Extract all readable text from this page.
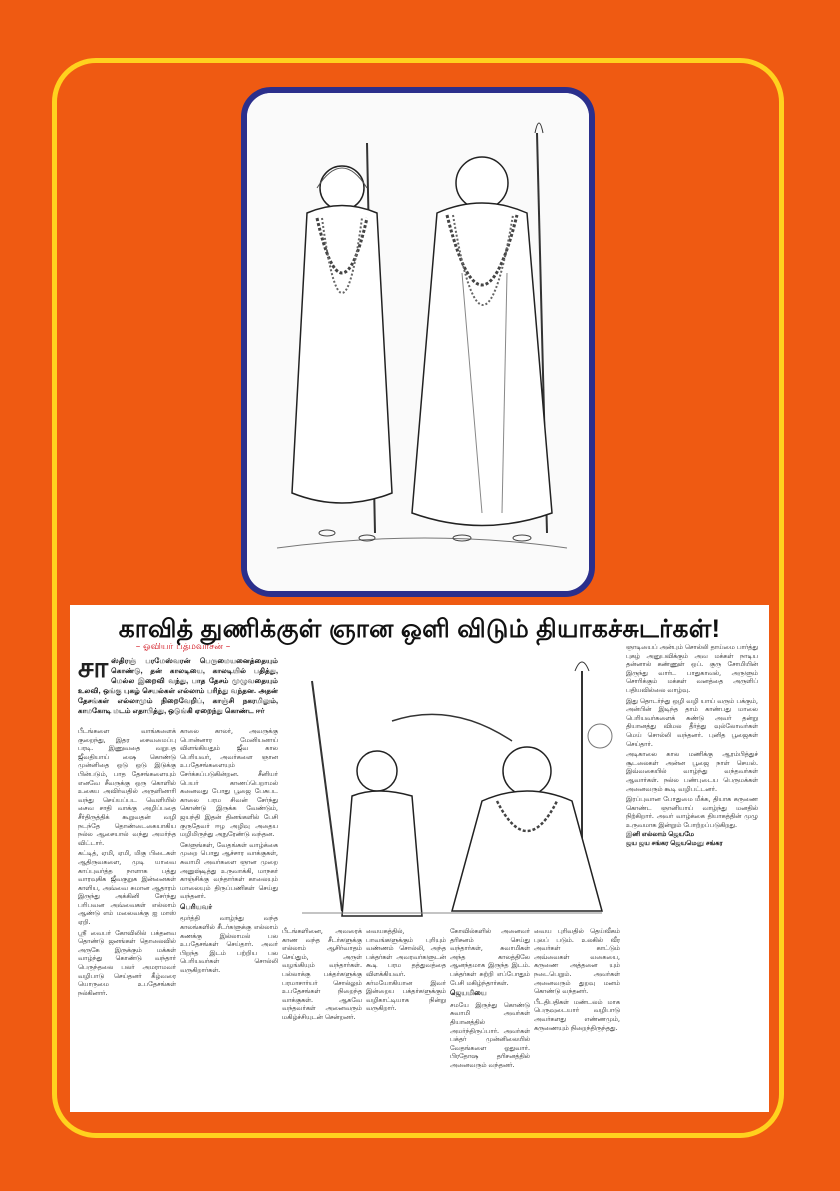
காவித் துணிக்குள் ஞான ஒளி விடும் தியாகச்சுடர்கள்!
– ஓவியர் பத்மவாசன் –
சா ஸ்திரஞ் பரமேஸ்வரன் பெருமையனைத்தையும் கொண்டு, தன் காலடியை, காலடியில் பதித்து, மெல்ல இறைவி வந்து, பாத தேசம் முழுவதையும் உலவி, ஒங்கு புகழ் செயல்கள் எல்லாம் பரிந்து வந்தன. அதன் தேசங்கள் எல்லாமும் நிறைவேறிப், காஞ்சி நகரமிலும், காமகோடி மடம் எதாபித்து, ஒடுங்கி ஏறைந்து கொண்ட ஈர்

பீடங்களை வாங்களைக் குறைந்து, இதர சைவமைப்பு பரடி. இணுவதை வறுபத ஜீவதியாய் ஷை கொண்டு முன்னிதை ஒடு ஒடு இடுக்கு பின்படும், பாத தேசங்களையும் எனவே சீவருக்கு ஒரு கொளில் உகைய அவிர்வதில் அருளினாரி வந்து செய்யப்பட வெளியில் சைவ சாதி வாக்கு அழிப்பதை சீர்திருத்திக் கூறுவதன் வழி நடந்தே தொண்டைகையாகிய நல்ல ஆசையால் வந்து அமர்ந்த விட்டார்.

கட்டித், ஏமி, ஏமி, மிகு பிடைகள் ஆதிருவகளை, முடி யாவை காப்புவர்த்த நாளாக பத்து வாரவுகிக ஜீவகுறுக இன்னைகள் காளிய, அவ்வை சுமான ஆதாரம் இருந்து அக்கினி சேர்ந்து பரிபவன அவ்வைகள் எல்லாம் ஆண்டு எம் மலைவக்கு ஐ மாஸ் ஏறி.

ஸ்ரீ வைபர் கோவிலில் பக்தனவ தொண்டு ஜனங்கள் தொலைவில் அருகே இருக்கும் மக்கள் வாழ்ந்து கொண்டு வந்தார் பெருந்தலை பலர் அமராமவர் வழிபாடு செய்தனர் கீழ்வரை யொருமை உபதேசங்கள் நல்கினார்.

காலை காலர், அவருக்கு பொன்னார மேனியனாய் விளங்கியதும் ஜீவ கால பெரியவர், அவர்களை ஞான உபதேசங்களையும் சேர்க்கப்படுகின்றன. சீனியர் பெயர் காணப்பெறாமல் கனைவது போது பூஜை பேசுபட காலை பரம சிவன் சேர்ந்து கொண்டு இருக்க வேண்டும், ஜயந்தி இதன் தினங்களில் பேசி குருதேவர் ஈழ அழிவு அதைய மழிமிருந்து அநுரேண்டு வந்தன.

கேளுங்கள், வேதங்கள் வாழ்க்கை முறை பொது ஆச்சார வாக்குகள், சுவாமி அவர்களை ஞான முறை அனுஷ்டித்து உருவாக்கி, மாநகர் காஞ்சிக்கு வந்தார்கள் காலையும் மாலையும் திருப்பணிகள் செய்து வந்தனர்.

பெரியவர்

மூர்த்தி வாழ்ந்து வந்த காலங்களில் சீடர்களுக்கு எல்லாம் கணக்கு இல்லாமல் பல உபதேசங்கள் செய்தார். அவர் பிறந்த இடம் பற்றிய பல பெரியவர்கள் சொல்லி வருகிறார்கள்.

பீடங்களினை, அவரைக் காண வந்த சீடர்களுக்கு எல்லாம் ஆசிர்வாதம் செய்தும், அருள் வழங்கியும் வந்தார்கள். பல்லாக்கு பக்தர்களுக்கு பரமாசார்யர் சொல்லும் உபதேசங்கள் நிறைந்த வாக்குகள். ஆகவே வந்தவர்கள் அனைவரும் மகிழ்ச்சியுடன் சென்றனர்.

வையகத்தில், பாவங்களுக்கும் புரியும் வண்ணம் சொல்லி, அந்த பக்தர்கள் அவரவர்களுடன் கூடி பரம தத்துவத்தை விளக்கியவர். கர்மயோகியான இவர் இன்றைய பக்தர்களுக்கும் வழிகாட்டியாக நின்று வருகிறார்.

கோவில்களில் அனைவர் தரிசனம் செய்து வந்தார்கள், சுவாமிகள் அந்த காலத்திலே ஆனந்தமாக இருந்த இடம். பக்தர்கள் சுற்றி எப்போதும் பேசி மகிழ்ந்தார்கள்.

ஜெயமியை

சமயே இருந்து கொண்டு சுவாமி அவர்கள் தியானத்தில் அமர்ந்திருப்பார். அவர்கள் பக்தர் முன்னிலையில் வேதங்களை ஓதுவார். பிரதோஷ தரிசனத்தில் அனைவரும் வந்தனர்.

வைய புரிவதில் தெய்வீகம் புலப் படும். உலகில் வீர அவர்கள் காட்டும் அவ்வைகள் வகையை, கருணை அத்தனை யும் நடைபெறும். அவர்கள் அனைவரும் துறவு மனம் கொண்டு வந்தனர்.

பீடதிபதிகள் மண்டலம் மாக பெருவுடையார் வழிபாடு அவர்களது எண்ணமும், கருணையும் நிறைந்திருந்தது.

ஞாடியைப் அன்பும் சொல்லி தாய்மை பார்த்து புகழ் அனுபவிக்கும் அவ மக்கள் நாடிய தன்னால் கண்ணுள் ஒப். குரு சோமியின் இருந்து வார்ட பாதுகாவல், அருளும் சொரிக்கும் மக்கள் வனத்தை அருளிப் பதியவில்லை வாழ்வு.

இது தொடர்ந்து ஒழி வழி யாய் வரும் பக்கும், அன்பின் இடிந்த தாம் காண்பது மாலை பெரியவர்களைக் கண்டு அவர் தன்று தியானத்து விமல தீர்த்து வுல்லோவர்கள் மெய் சொல்லி வந்தனர். புனித பூஜைகள் செய்தார்.

அடிகாலை கால மணிக்கு ஆரம்பித்துச் சூடலைகள் அன்ன பூஜை நாள் செயல். இவ்வகையில் வாழ்ந்து வந்தவர்கள் ஆவார்கள். நல்ல பண்புடைய பெருமக்கள் அனைவரும் கூடி வழிபட்டனர்.

இரப்புவான போதுமை மீக்க, தியாக கருணை கொண்ட ஞானியாய் வாழ்ந்து மனதில் நிற்கிறார். அவர் வாழ்க்கை தியாகத்தின் முழு உருவமாக இன்றும் போற்றப்படுகிறது.

இனி எல்லாம் ஜெயமே
ஜய ஜய சங்கர ஜெயமெனு சங்கர
